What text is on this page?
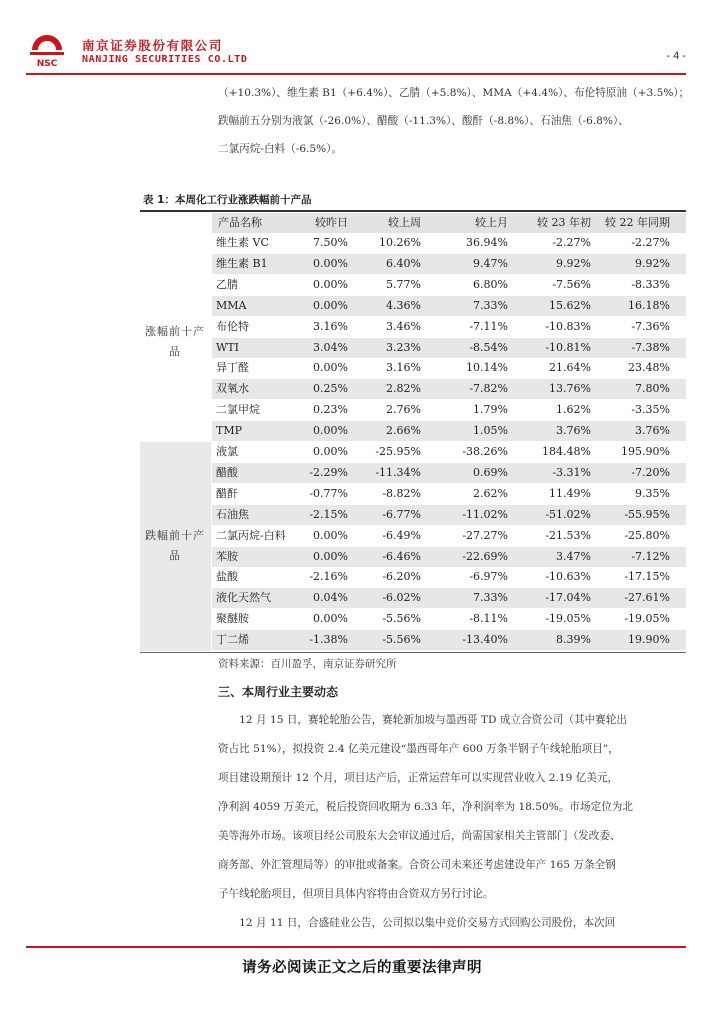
NSC
南京证券股份有限公司
NANJING SECURITIES CO.LTD	- 4 -
（+10.3%）、维生素 B1（+6.4%）、乙腈（+5.8%）、MMA（+4.4%）、布伦特原油（+3.5%）；
跌幅前五分别为液氯（-26.0%）、醋酸（-11.3%）、酸酐（-8.8%）、石油焦（-6.8%）、
二氯丙烷-白料（-6.5%）。
表 1：本周化工行业涨跌幅前十产品
产品名称	较昨日	较上周	较上月	较 23 年初 较 22 年同期
涨幅前十产品
跌幅前十产品
维生素 VC	7.50%	10.26%	36.94%	-2.27%	-2.27%
维生素 B1	0.00%	6.40%	9.47%	9.92%	9.92%
乙腈	0.00%	5.77%	6.80%	-7.56%	-8.33%
MMA	0.00%	4.36%	7.33%	15.62%	16.18%
布伦特	3.16%	3.46%	-7.11%	-10.83%	-7.36%
WTI	3.04%	3.23%	-8.54%	-10.81%	-7.38%
异丁醛	0.00%	3.16%	10.14%	21.64%	23.48%
双氧水	0.25%	2.82%	-7.82%	13.76%	7.80%
二氯甲烷	0.23%	2.76%	1.79%	1.62%	-3.35%
TMP	0.00%	2.66%	1.05%	3.76%	3.76%
液氯	0.00% -25.95%	-38.26%	184.48%	195.90%
醋酸	-2.29% -11.34%	0.69%	-3.31%	-7.20%
醋酐	-0.77%	-8.82%	2.62%	11.49%	9.35%
石油焦	-2.15%	-6.77%	-11.02%	-51.02%	-55.95%
二氯丙烷-白料 0.00%	-6.49%	-27.27%	-21.53%	-25.80%
苯胺	0.00%	-6.46%	-22.69%	3.47%	-7.12%
盐酸	-2.16%	-6.20%	-6.97%	-10.63%	-17.15%
液化天然气	0.04%	-6.02%	7.33%	-17.04%	-27.61%
聚醚胺	0.00%	-5.56%	-8.11%	-19.05%	-19.05%
丁二烯	-1.38%	-5.56%	-13.40%	8.39%	19.90%
资料来源：百川盈孚，南京证券研究所
三、本周行业主要动态

　　12 月 15 日，赛轮轮胎公告，赛轮新加坡与墨西哥 TD 成立合资公司（其中赛轮出

资占比 51%），拟投资 2.4 亿美元建设“墨西哥年产 600 万条半钢子午线轮胎项目”，

项目建设期预计 12 个月，项目达产后，正常运营年可以实现营业收入 2.19 亿美元，

净利润 4059 万美元，税后投资回收期为 6.33 年，净利润率为 18.50%。市场定位为北

美等海外市场。该项目经公司股东大会审议通过后，尚需国家相关主管部门（发改委、

商务部、外汇管理局等）的审批或备案。合资公司未来还考虑建设年产 165 万条全钢

子午线轮胎项目，但项目具体内容将由合资双方另行讨论。

　　12 月 11 日，合盛硅业公告，公司拟以集中竞价交易方式回购公司股份，本次回

请务必阅读正文之后的重要法律声明
